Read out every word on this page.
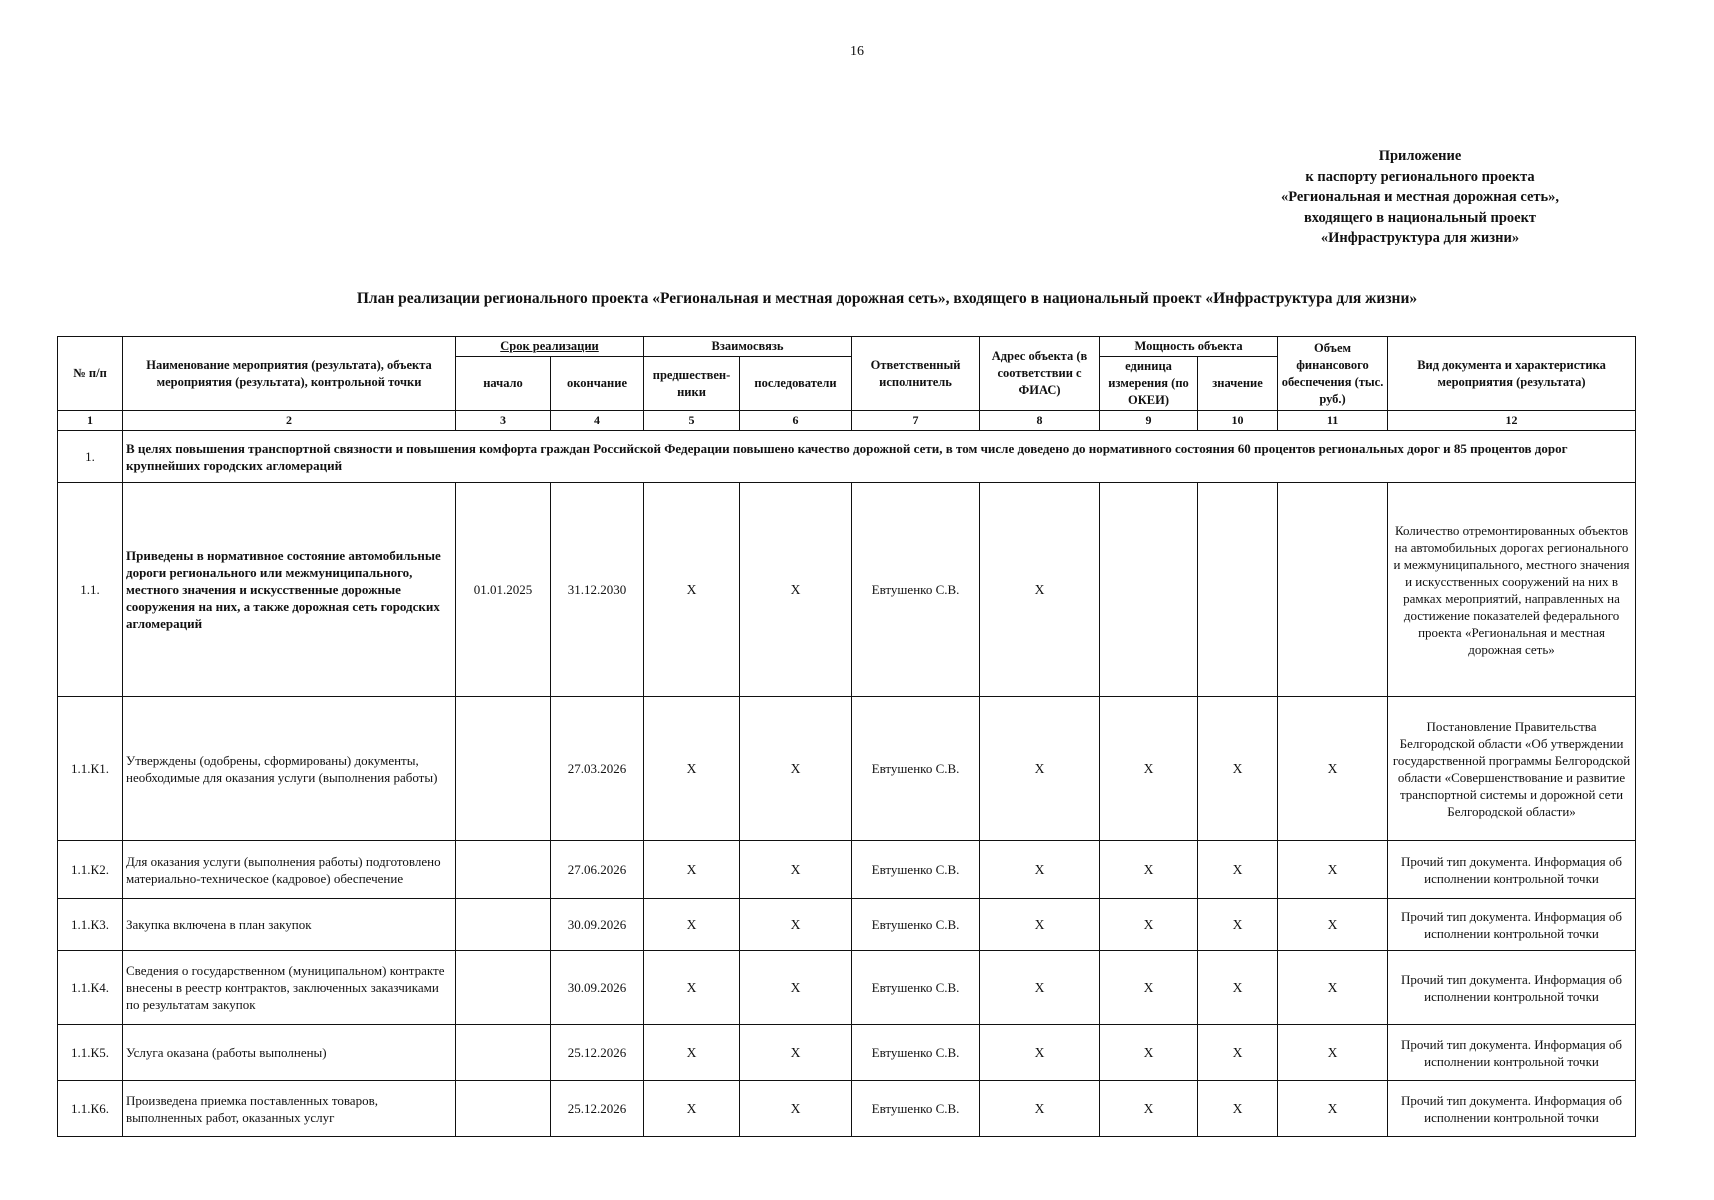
16
Приложение
к паспорту регионального проекта
«Региональная и местная дорожная сеть»,
входящего в национальный проект
«Инфраструктура для жизни»
План реализации регионального проекта «Региональная и местная дорожная сеть», входящего в национальный проект «Инфраструктура для жизни»
№ п/п	Наименование мероприятия (результата), объекта мероприятия (результата), контрольной точки	Срок реализации		Взаимосвязь		Ответственный исполнитель	Адрес объекта (в соответствии с ФИАС)	Мощность объекта		Объем финансового обеспечения (тыс. руб.)	Вид документа и характеристика мероприятия (результата)
		начало	окончание	предшествен-ники	последователи			единица измерения (по ОКЕИ)	значение		
1	2	3	4	5	6	7	8	9	10	11	12
1.	В целях повышения транспортной связности и повышения комфорта граждан Российской Федерации повышено качество дорожной сети, в том числе доведено до нормативного состояния 60 процентов региональных дорог и 85 процентов дорог крупнейших городских агломераций										
1.1.	Приведены в нормативное состояние автомобильные дороги регионального или межмуниципального, местного значения и искусственные дорожные сооружения на них, а также дорожная сеть городских агломераций	01.01.2025	31.12.2030	X	X	Евтушенко С.В.	X				Количество отремонтированных объектов на автомобильных дорогах регионального и межмуниципального, местного значения и искусственных сооружений на них в рамках мероприятий, направленных на достижение показателей федерального проекта «Региональная и местная дорожная сеть»
1.1.К1.	Утверждены (одобрены, сформированы) документы, необходимые для оказания услуги (выполнения работы)		27.03.2026	X	X	Евтушенко С.В.	X	X	X	X	Постановление Правительства Белгородской области «Об утверждении государственной программы Белгородской области «Совершенствование и развитие транспортной системы и дорожной сети Белгородской области»
1.1.К2.	Для оказания услуги (выполнения работы) подготовлено материально-техническое (кадровое) обеспечение		27.06.2026	X	X	Евтушенко С.В.	X	X	X	X	Прочий тип документа. Информация об исполнении контрольной точки
1.1.К3.	Закупка включена в план закупок		30.09.2026	X	X	Евтушенко С.В.	X	X	X	X	Прочий тип документа. Информация об исполнении контрольной точки
1.1.К4.	Сведения о государственном (муниципальном) контракте внесены в реестр контрактов, заключенных заказчиками по результатам закупок		30.09.2026	X	X	Евтушенко С.В.	X	X	X	X	Прочий тип документа. Информация об исполнении контрольной точки
1.1.К5.	Услуга оказана (работы выполнены)		25.12.2026	X	X	Евтушенко С.В.	X	X	X	X	Прочий тип документа. Информация об исполнении контрольной точки
1.1.К6.	Произведена приемка поставленных товаров, выполненных работ, оказанных услуг		25.12.2026	X	X	Евтушенко С.В.	X	X	X	X	Прочий тип документа. Информация об исполнении контрольной точки
